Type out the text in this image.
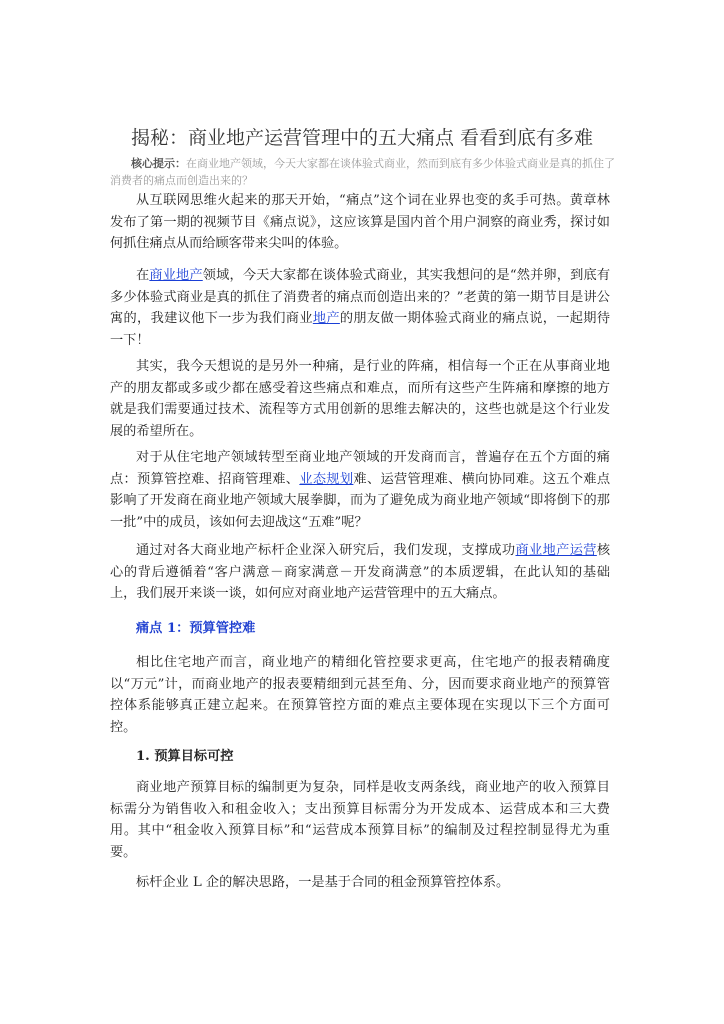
揭秘：商业地产运营管理中的五大痛点 看看到底有多难

核心提示：在商业地产领域，今天大家都在谈体验式商业，然而到底有多少体验式商业是真的抓住了消费者的痛点而创造出来的？

从互联网思维火起来的那天开始，“痛点”这个词在业界也变的炙手可热。黄章林发布了第一期的视频节目《痛点说》，这应该算是国内首个用户洞察的商业秀，探讨如何抓住痛点从而给顾客带来尖叫的体验。

在商业地产领域，今天大家都在谈体验式商业，其实我想问的是“然并卵，到底有多少体验式商业是真的抓住了消费者的痛点而创造出来的？”老黄的第一期节目是讲公寓的，我建议他下一步为我们商业地产的朋友做一期体验式商业的痛点说，一起期待一下！

其实，我今天想说的是另外一种痛，是行业的阵痛，相信每一个正在从事商业地产的朋友都或多或少都在感受着这些痛点和难点，而所有这些产生阵痛和摩擦的地方就是我们需要通过技术、流程等方式用创新的思维去解决的，这些也就是这个行业发展的希望所在。

对于从住宅地产领域转型至商业地产领域的开发商而言，普遍存在五个方面的痛点：预算管控难、招商管理难、业态规划难、运营管理难、横向协同难。这五个难点影响了开发商在商业地产领域大展拳脚，而为了避免成为商业地产领域“即将倒下的那一批”中的成员，该如何去迎战这“五难”呢？

通过对各大商业地产标杆企业深入研究后，我们发现，支撑成功商业地产运营核心的背后遵循着“客户满意－商家满意－开发商满意”的本质逻辑，在此认知的基础上，我们展开来谈一谈，如何应对商业地产运营管理中的五大痛点。

痛点 1：预算管控难

相比住宅地产而言，商业地产的精细化管控要求更高，住宅地产的报表精确度以“万元”计，而商业地产的报表要精细到元甚至角、分，因而要求商业地产的预算管控体系能够真正建立起来。在预算管控方面的难点主要体现在实现以下三个方面可控。

1. 预算目标可控

商业地产预算目标的编制更为复杂，同样是收支两条线，商业地产的收入预算目标需分为销售收入和租金收入；支出预算目标需分为开发成本、运营成本和三大费用。其中“租金收入预算目标”和“运营成本预算目标”的编制及过程控制显得尤为重要。

标杆企业 L 企的解决思路，一是基于合同的租金预算管控体系。
